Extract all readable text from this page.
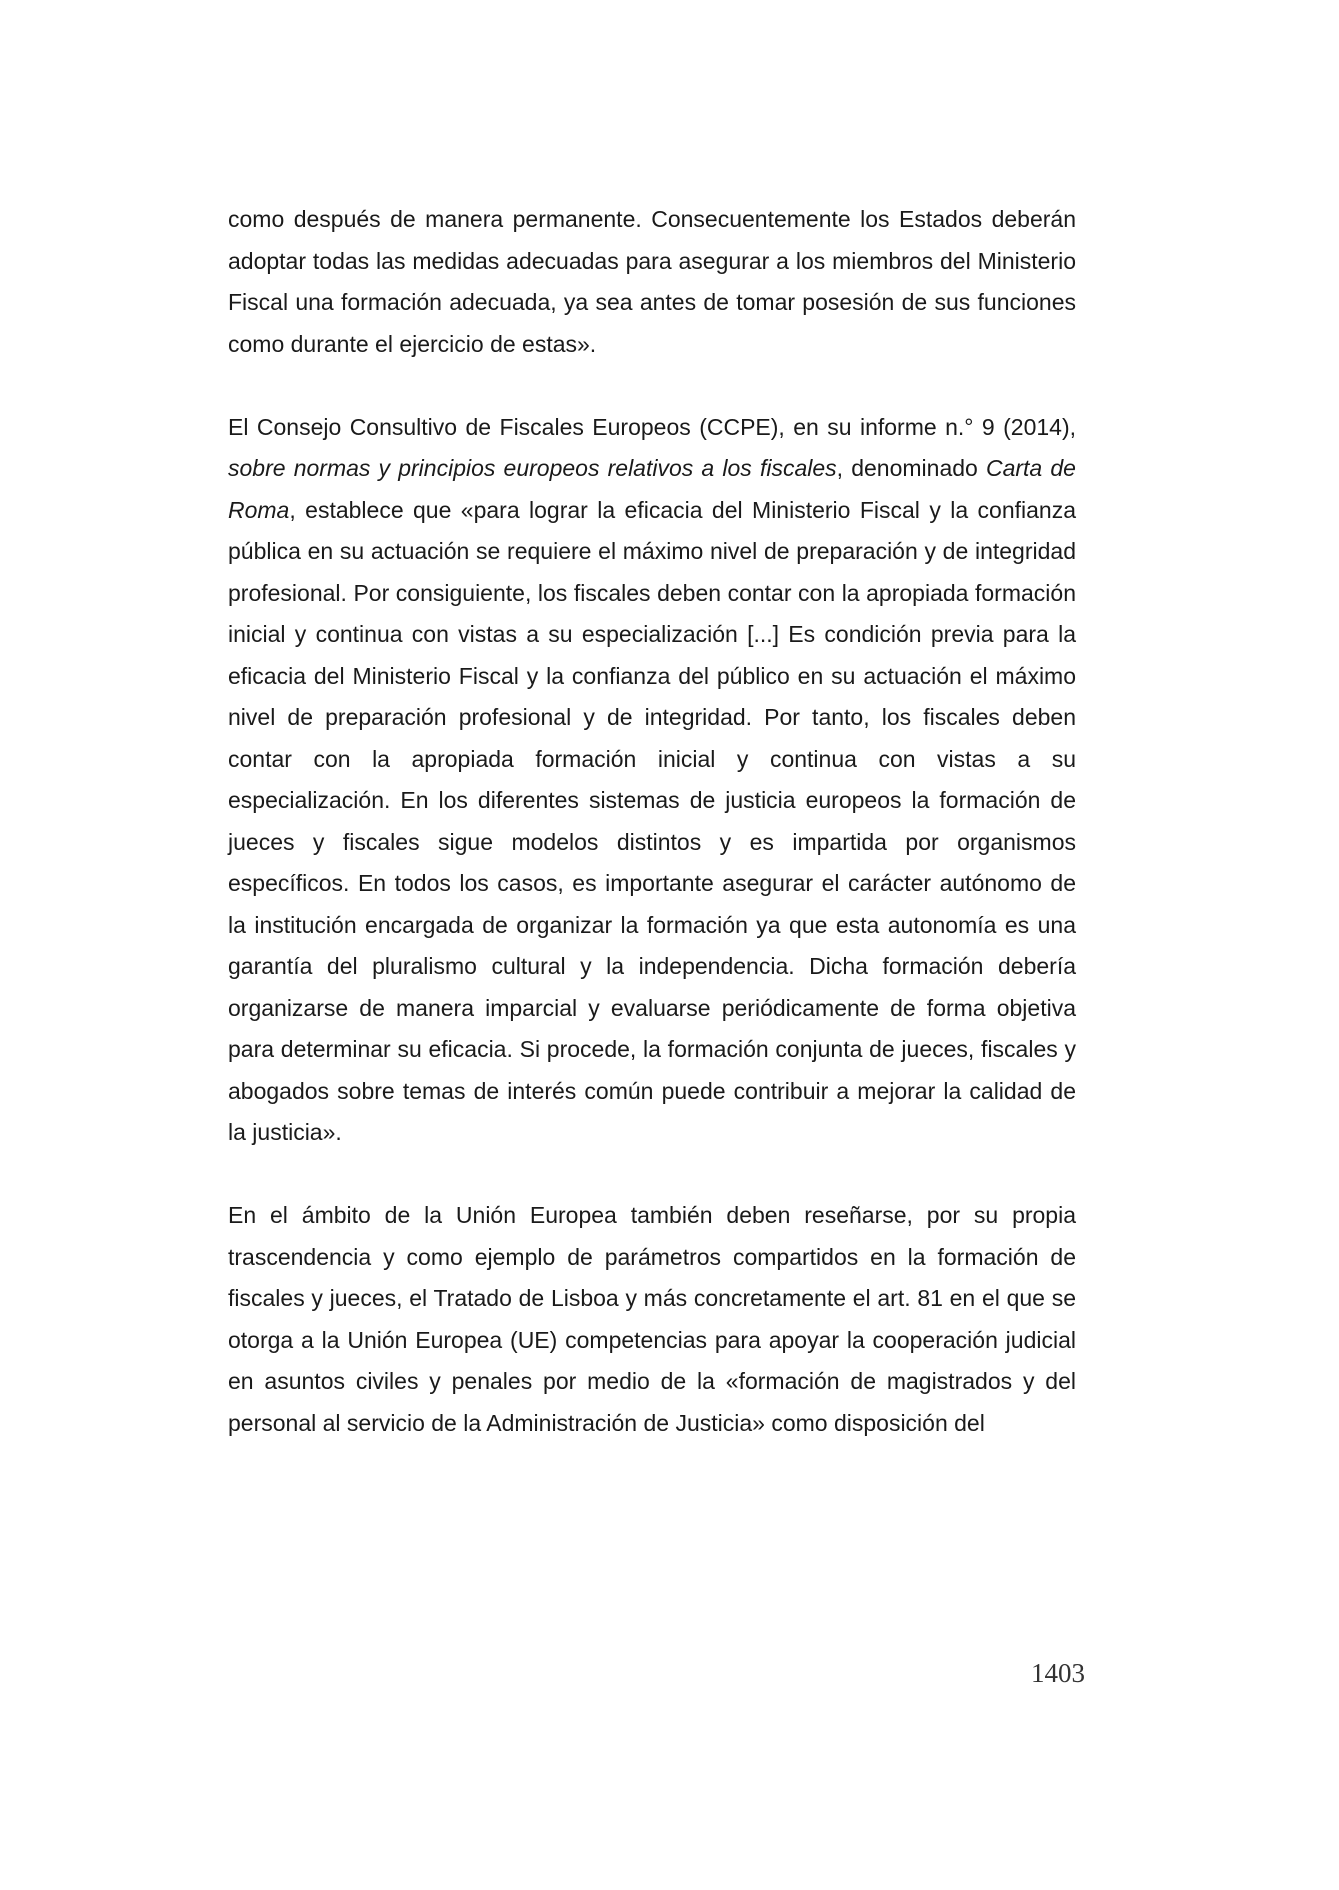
como después de manera permanente. Consecuentemente los Estados deberán adoptar todas las medidas adecuadas para asegurar a los miembros del Ministerio Fiscal una formación adecuada, ya sea antes de tomar posesión de sus funciones como durante el ejercicio de estas».

El Consejo Consultivo de Fiscales Europeos (CCPE), en su informe n.° 9 (2014), sobre normas y principios europeos relativos a los fiscales, denominado Carta de Roma, establece que «para lograr la eficacia del Ministerio Fiscal y la confianza pública en su actuación se requiere el máximo nivel de preparación y de integridad profesional. Por consiguiente, los fiscales deben contar con la apropiada formación inicial y continua con vistas a su especialización [...] Es condición previa para la eficacia del Ministerio Fiscal y la confianza del público en su actuación el máximo nivel de preparación profesional y de integridad. Por tanto, los fiscales deben contar con la apropiada formación inicial y continua con vistas a su especialización. En los diferentes sistemas de justicia europeos la formación de jueces y fiscales sigue modelos distintos y es impartida por organismos específicos. En todos los casos, es importante asegurar el carácter autónomo de la institución encargada de organizar la formación ya que esta autonomía es una garantía del pluralismo cultural y la independencia. Dicha formación debería organizarse de manera imparcial y evaluarse periódicamente de forma objetiva para determinar su eficacia. Si procede, la formación conjunta de jueces, fiscales y abogados sobre temas de interés común puede contribuir a mejorar la calidad de la justicia».

En el ámbito de la Unión Europea también deben reseñarse, por su propia trascendencia y como ejemplo de parámetros compartidos en la formación de fiscales y jueces, el Tratado de Lisboa y más concretamente el art. 81 en el que se otorga a la Unión Europea (UE) competencias para apoyar la cooperación judicial en asuntos civiles y penales por medio de la «formación de magistrados y del personal al servicio de la Administración de Justicia» como disposición del

1403
